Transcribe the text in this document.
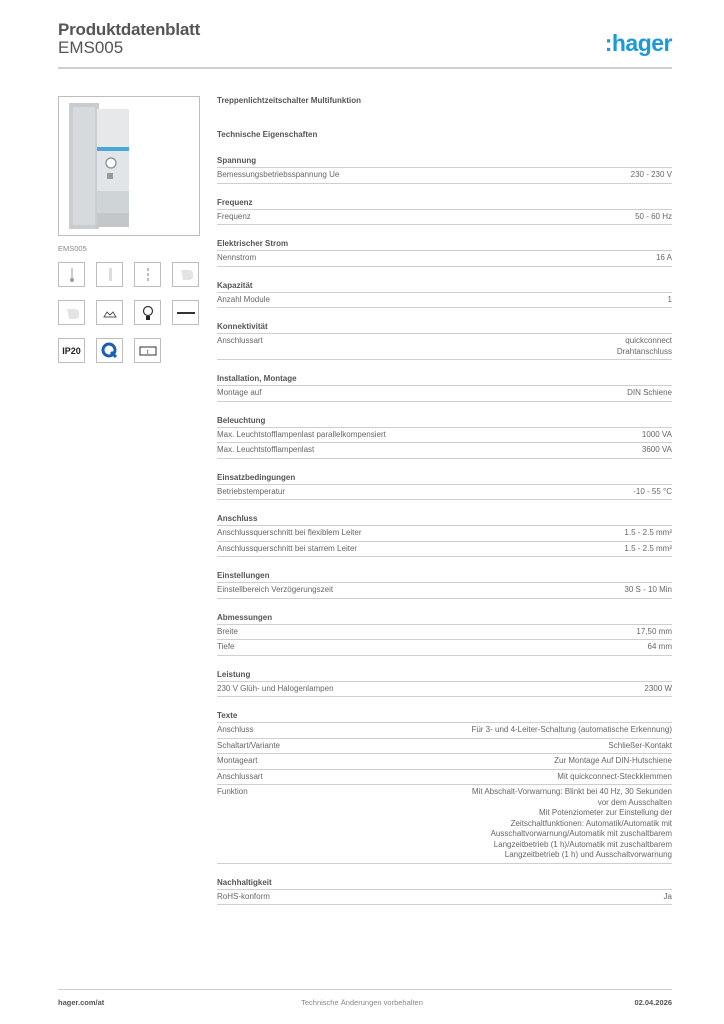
Produktdatenblatt
EMS005	:hager
EMS005
IP20	t
Treppenlichtzeitschalter Multifunktion
Technische Eigenschaften
Spannung
Bemessungsbetriebsspannung Ue	230 - 230 V
Frequenz
Frequenz	50 - 60 Hz
Elektrischer Strom
Nennstrom	16 A
Kapazität
Anzahl Module	1
Konnektivität
Anschlussart	quickconnect
Drahtanschluss
Installation, Montage
Montage auf	DIN Schiene
Beleuchtung
Max. Leuchtstofflampenlast parallelkompensiert	1000 VA
Max. Leuchtstofflampenlast	3600 VA
Einsatzbedingungen
Betriebstemperatur	-10 - 55 °C
Anschluss
Anschlussquerschnitt bei flexiblem Leiter	1.5 - 2.5 mm²
Anschlussquerschnitt bei starrem Leiter	1.5 - 2.5 mm²
Einstellungen
Einstellbereich Verzögerungszeit	30 S - 10 Min
Abmessungen
Breite	17,50 mm
Tiefe	64 mm
Leistung
230 V Glüh- und Halogenlampen	2300 W
Texte
Anschluss	Für 3- und 4-Leiter-Schaltung (automatische Erkennung)
Schaltart/Variante	Schließer-Kontakt
Montageart	Zur Montage Auf DIN-Hutschiene
Anschlussart	Mit quickconnect-Steckklemmen
Funktion	Mit Abschalt-Vorwarnung: Blinkt bei 40 Hz, 30 Sekunden
vor dem Ausschalten
Mit Potenziometer zur Einstellung der
Zeitschaltfunktionen: Automatik/Automatik mit
Ausschaltvorwarnung/Automatik mit zuschaltbarem
Langzeitbetrieb (1 h)/Automatik mit zuschaltbarem
Langzeitbetrieb (1 h) und Ausschaltvorwarnung
Nachhaltigkeit
RoHS-konform	Ja
hager.com/at	Technische Änderungen vorbehalten	02.04.2026
